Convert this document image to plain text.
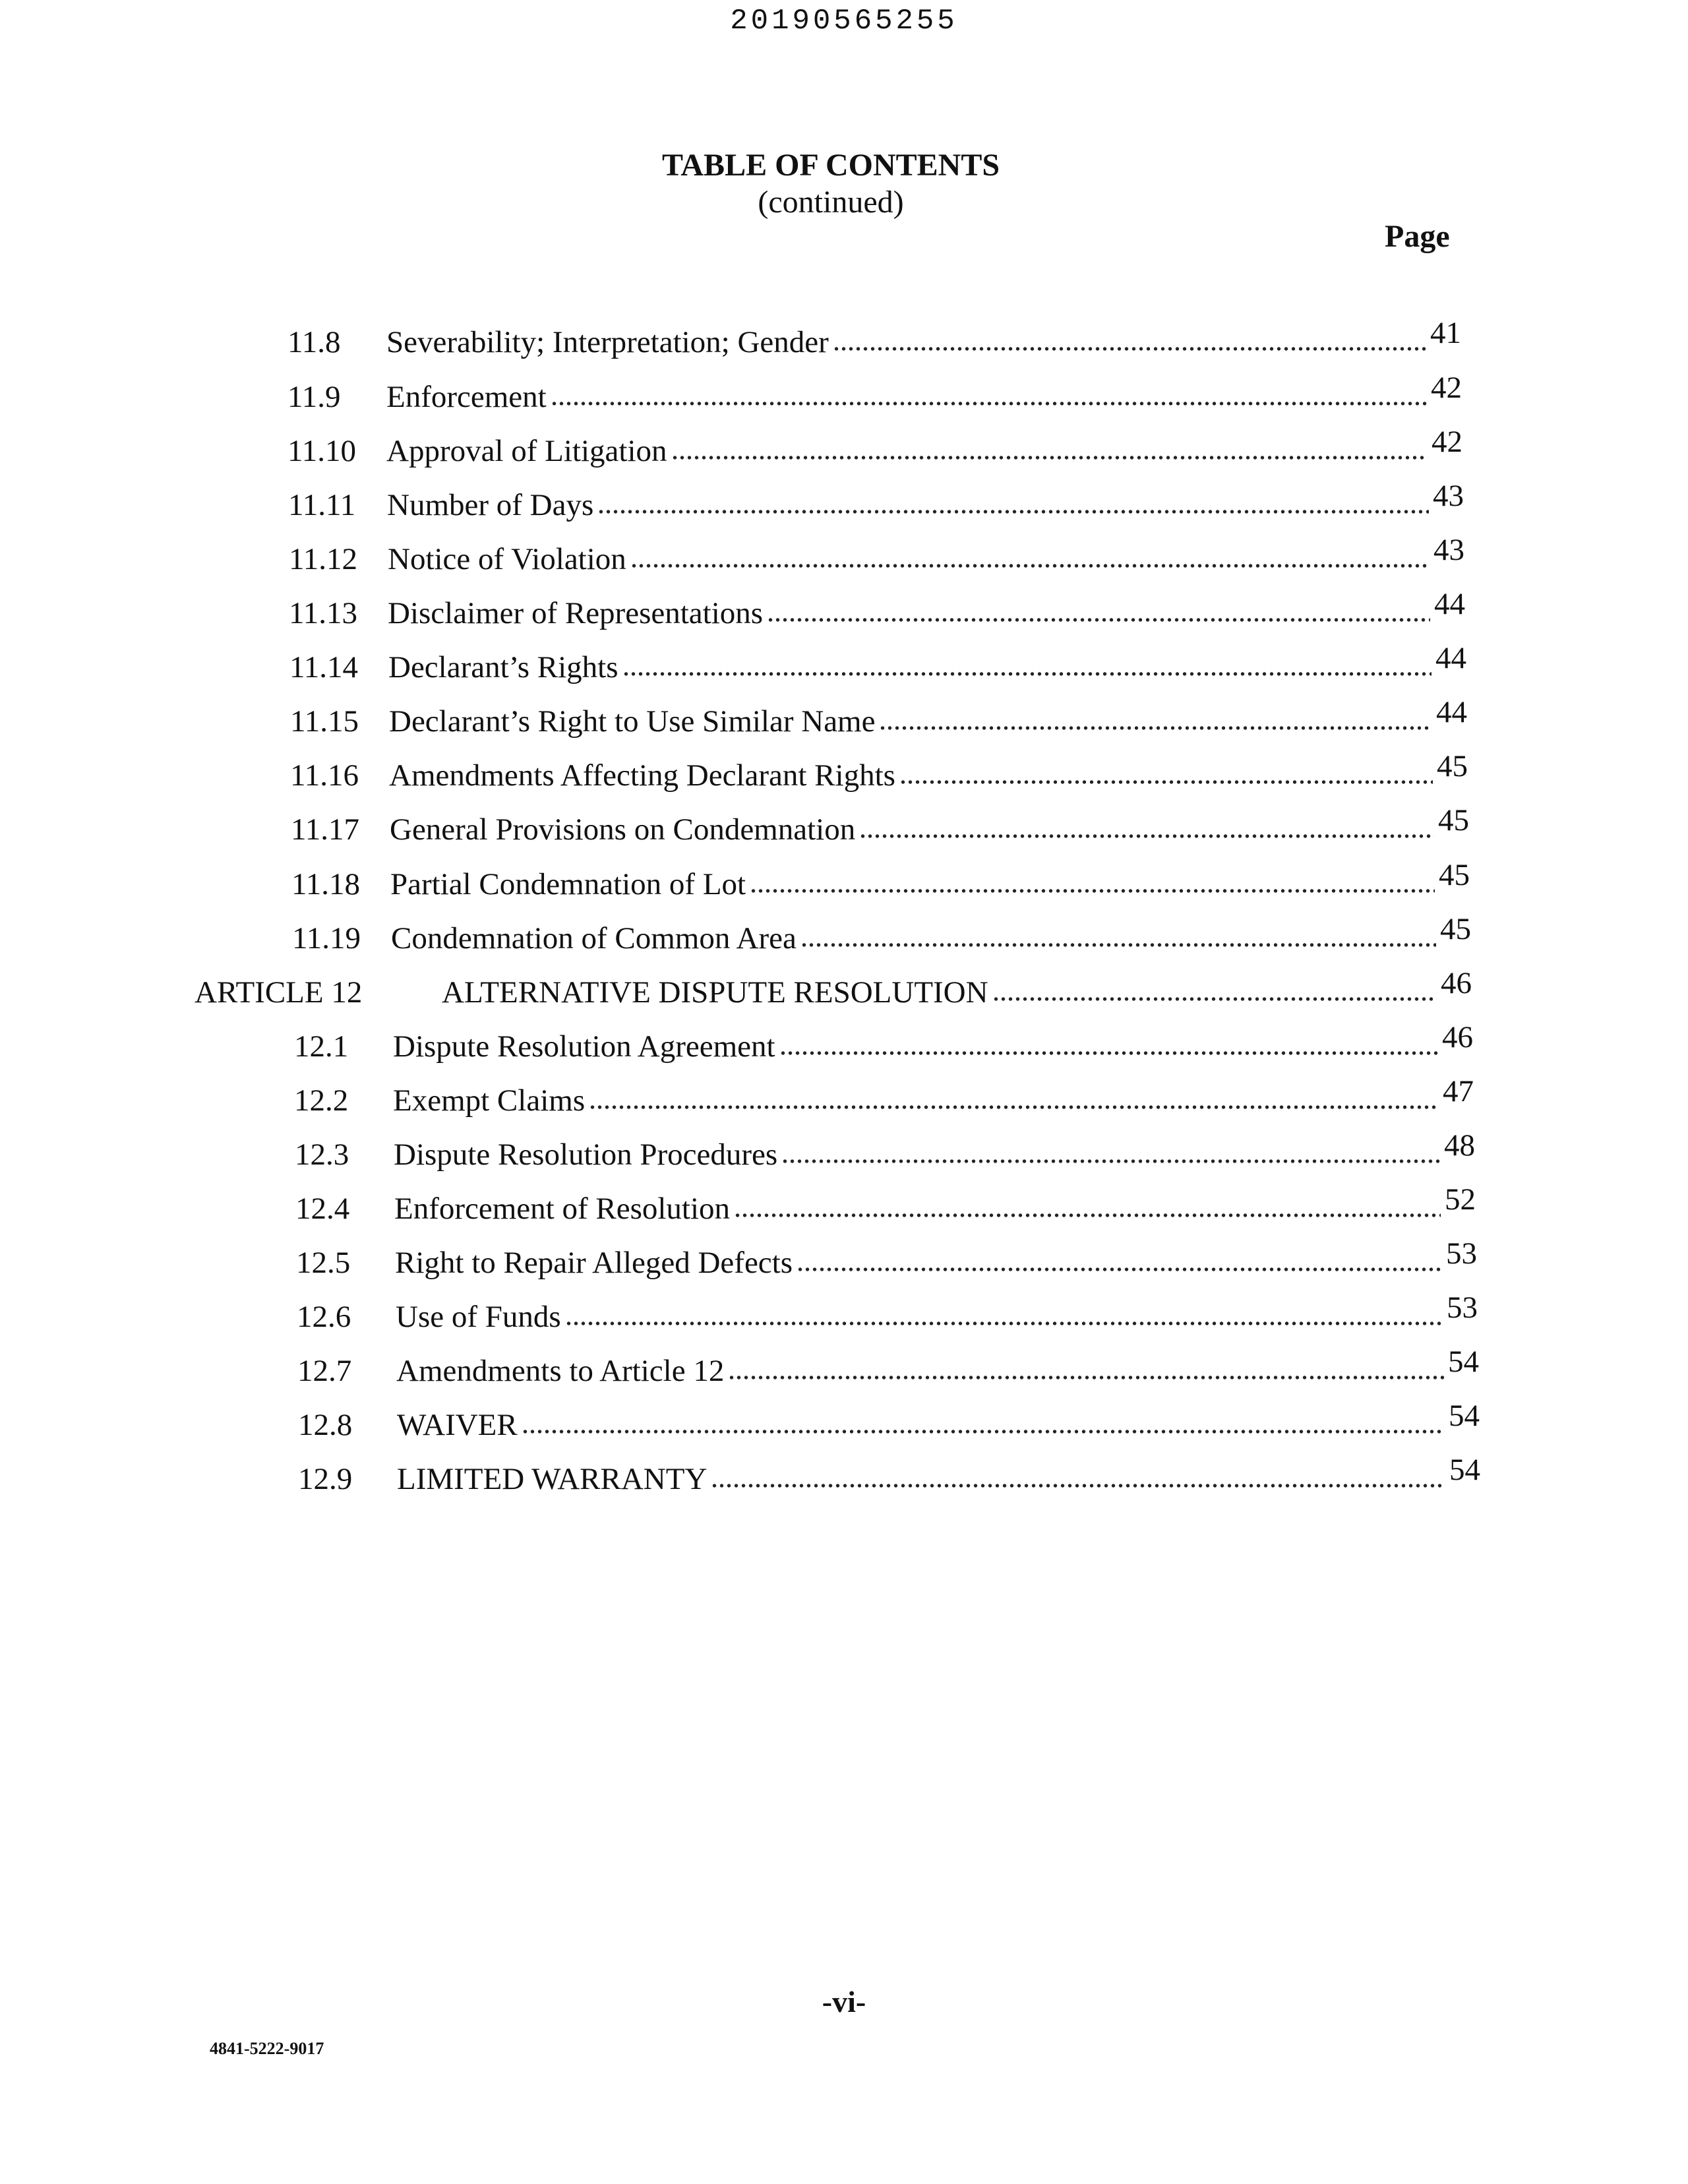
20190565255
TABLE OF CONTENTS
(continued)
Page
11.8	Severability; Interpretation; Gender	41
11.9	Enforcement	42
11.10 Approval of Litigation	42
11.11	Number of Days	43
11.12 Notice of Violation	43
11.13 Disclaimer of Representations	44
11.14 Declarant’s Rights	44
11.15 Declarant’s Right to Use Similar Name	44
11.16 Amendments Affecting Declarant Rights	45
11.17 General Provisions on Condemnation	45
11.18 Partial Condemnation of Lot	45
11.19 Condemnation of Common Area	45
ARTICLE 12	ALTERNATIVE DISPUTE RESOLUTION	46
12.1	Dispute Resolution Agreement	46
12.2	Exempt Claims	47
12.3	Dispute Resolution Procedures	48
12.4	Enforcement of Resolution	52
12.5	Right to Repair Alleged Defects	53
12.6	Use of Funds	53
12.7	Amendments to Article 12	54
12.8	WAIVER	54
12.9	LIMITED WARRANTY	54
-vi-
4841-5222-9017
